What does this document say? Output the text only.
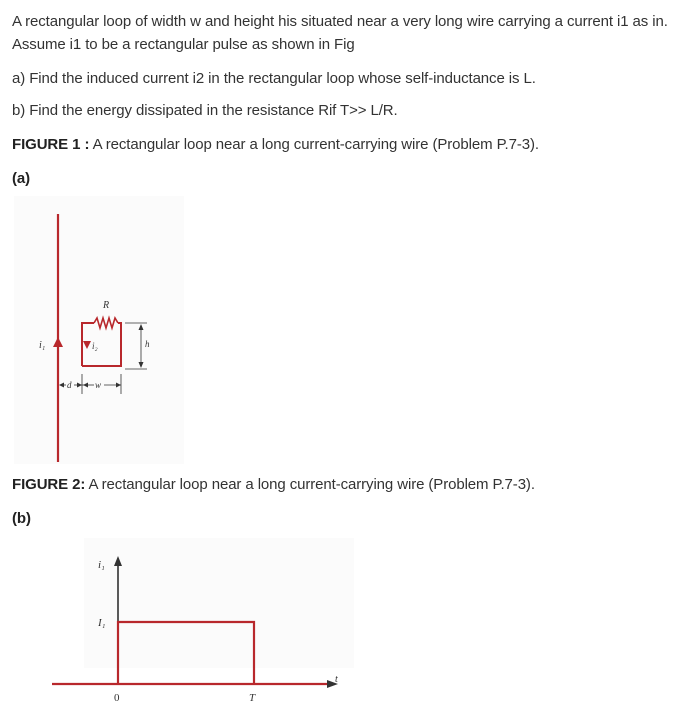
A rectangular loop of width w and height his situated near a very long wire carrying a current i1 as in. Assume i1 to be a rectangular pulse as shown in Fig
a) Find the induced current i2 in the rectangular loop whose self-inductance is L.
b) Find the energy dissipated in the resistance Rif T>> L/R.
FIGURE 1 : A rectangular loop near a long current-carrying wire (Problem P.7-3).
(a)
i₁
R
i₂	h
d	w
FIGURE 2: A rectangular loop near a long current-carrying wire (Problem P.7-3).
(b)
i₁
t
I₁
0	T
